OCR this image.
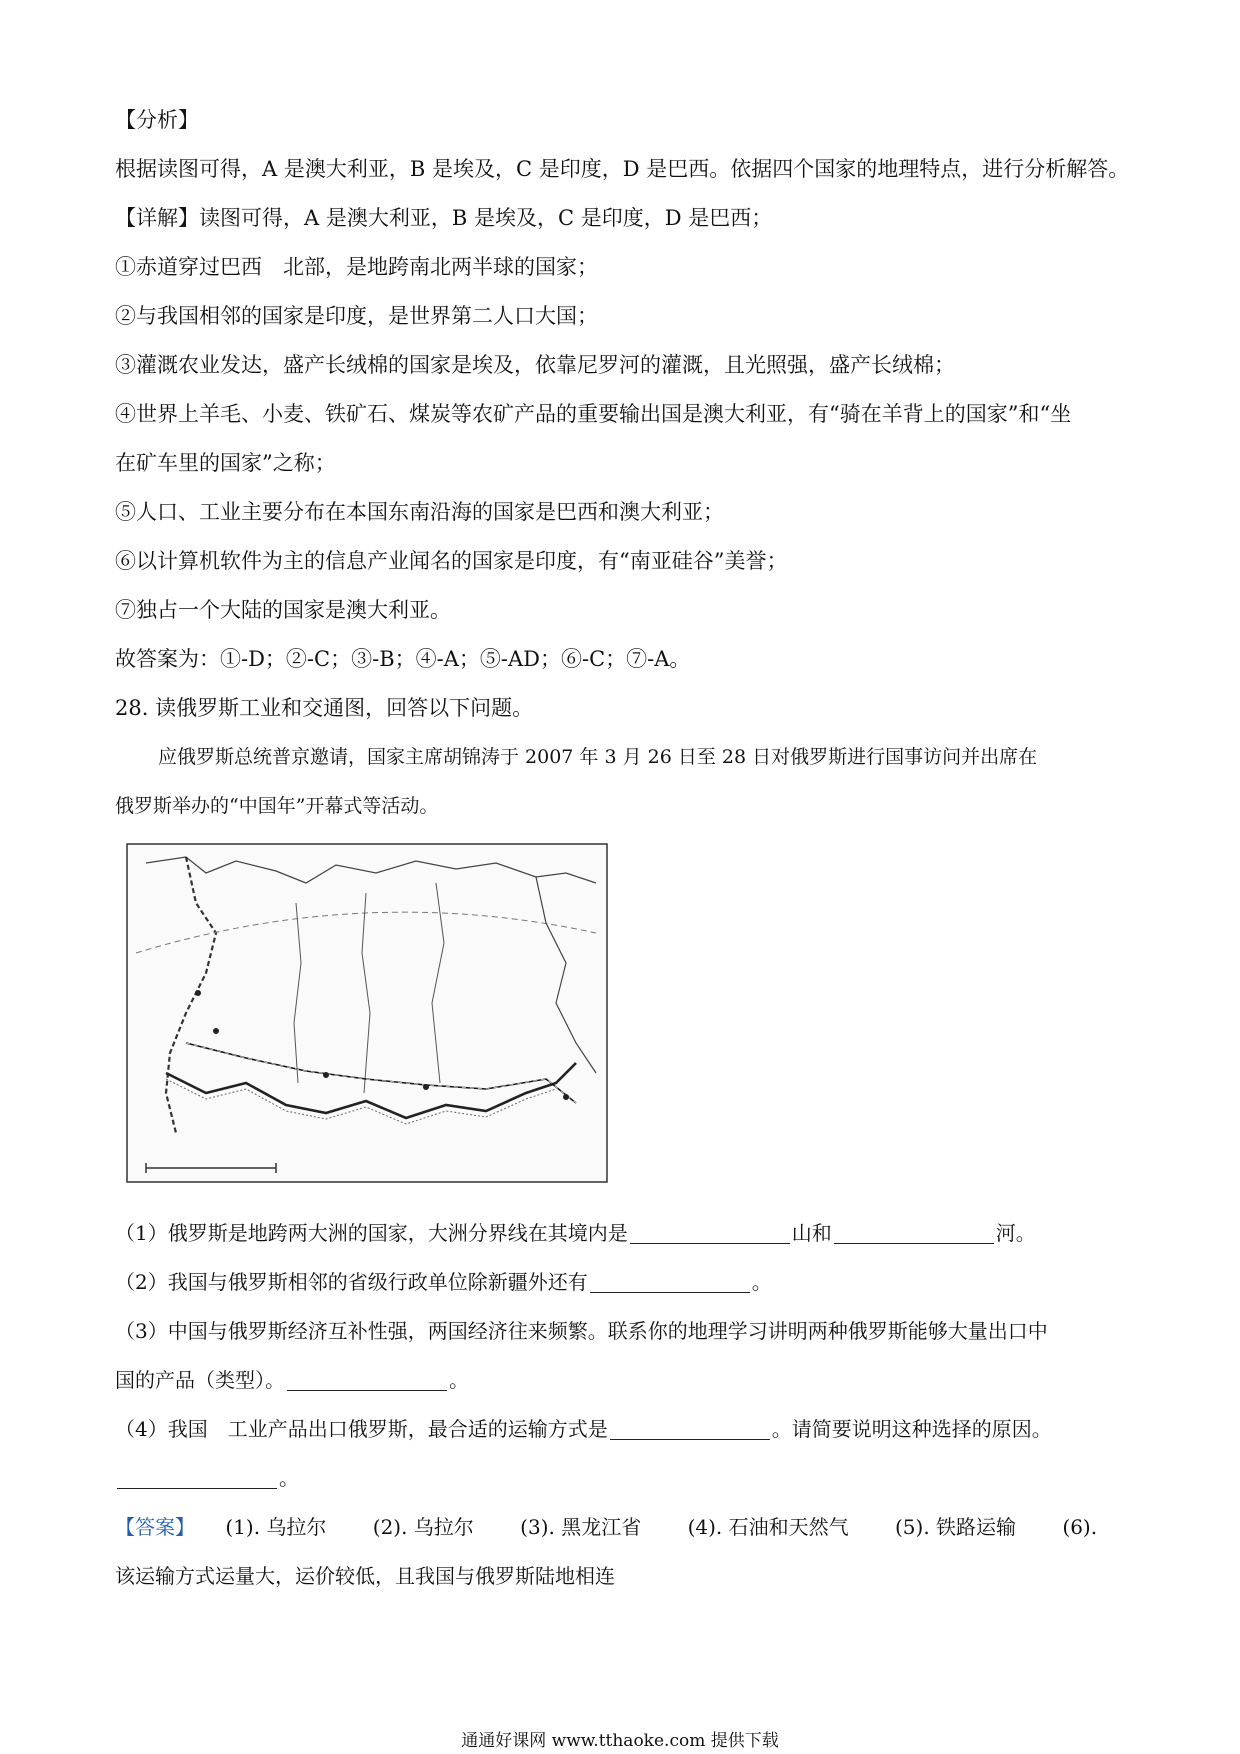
【分析】
根据读图可得，A 是澳大利亚，B 是埃及，C 是印度，D 是巴西。依据四个国家的地理特点，进行分析解答。
【详解】读图可得，A 是澳大利亚，B 是埃及，C 是印度，D 是巴西；
①赤道穿过巴西　北部，是地跨南北两半球的国家；
②与我国相邻的国家是印度，是世界第二人口大国；
③灌溉农业发达，盛产长绒棉的国家是埃及，依靠尼罗河的灌溉，且光照强，盛产长绒棉；
④世界上羊毛、小麦、铁矿石、煤炭等农矿产品的重要输出国是澳大利亚，有“骑在羊背上的国家”和“坐
在矿车里的国家”之称；
⑤人口、工业主要分布在本国东南沿海的国家是巴西和澳大利亚；
⑥以计算机软件为主的信息产业闻名的国家是印度，有“南亚硅谷”美誉；
⑦独占一个大陆的国家是澳大利亚。
故答案为：①-D；②-C；③-B；④-A；⑤-AD；⑥-C；⑦-A。
28. 读俄罗斯工业和交通图，回答以下问题。
应俄罗斯总统普京邀请，国家主席胡锦涛于 2007 年 3 月 26 日至 28 日对俄罗斯进行国事访问并出席在
俄罗斯举办的“中国年”开幕式等活动。
（1）俄罗斯是地跨两大洲的国家，大洲分界线在其境内是	山和	河。
（2）我国与俄罗斯相邻的省级行政单位除新疆外还有	。
（3）中国与俄罗斯经济互补性强，两国经济往来频繁。联系你的地理学习讲明两种俄罗斯能够大量出口中
国的产品（类型）。	。
（4）我国　工业产品出口俄罗斯，最合适的运输方式是	。请简要说明这种选择的原因。
。
【答案】 (1). 乌拉尔 (2). 乌拉尔 (3). 黑龙江省 (4). 石油和天然气 (5). 铁路运输 (6).
该运输方式运量大，运价较低，且我国与俄罗斯陆地相连
通通好课网 www.tthaoke.com 提供下载
